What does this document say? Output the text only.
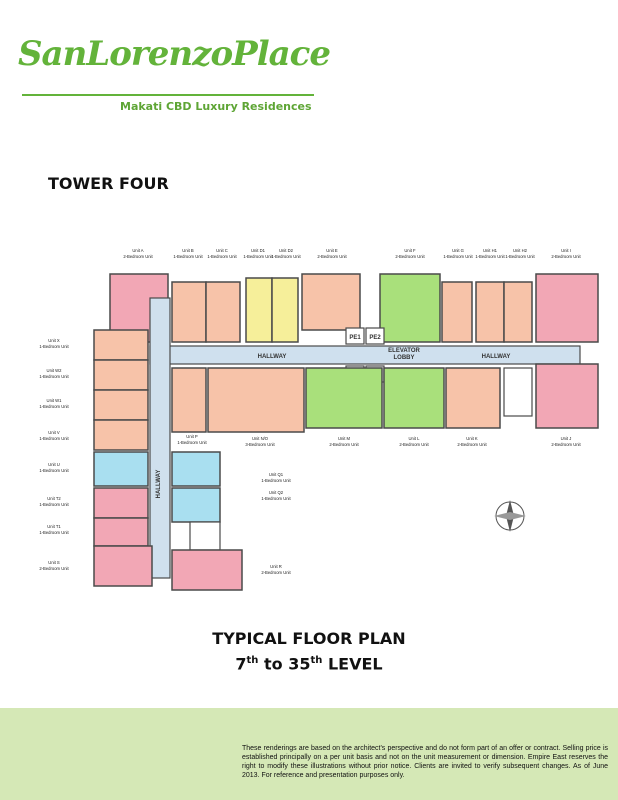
SanLorenzoPlace
Makati CBD Luxury Residences
TOWER FOUR
PE1 PE2
HALLWAY	HALLWAY
HALLWAY
ELEVATOR
LOBBY
Unit A
2-Bedroom Unit
Unit B
1-Bedroom Unit
Unit C
1-Bedroom Unit
Unit D1
1-Bedroom Unit
Unit D2
1-Bedroom Unit
Unit E
2-Bedroom Unit
Unit F
2-Bedroom Unit
Unit G
1-Bedroom Unit
Unit H1
1-Bedroom Unit
Unit H2
1-Bedroom Unit
Unit I
2-Bedroom Unit
Unit X
1-Bedroom Unit
Unit W2
1-Bedroom Unit
Unit W1
1-Bedroom Unit
Unit V
1-Bedroom Unit
Unit U
1-Bedroom Unit
Unit T2
1-Bedroom Unit
Unit T1
1-Bedroom Unit
Unit S
2-Bedroom Unit
Unit P
1-Bedroom Unit
Unit N/O
3-Bedroom Unit
Unit M
2-Bedroom Unit
Unit L
2-Bedroom Unit
Unit K
2-Bedroom Unit
Unit J
2-Bedroom Unit
Unit Q1
1-Bedroom Unit
Unit Q2
1-Bedroom Unit
Unit R
2-Bedroom Unit
TYPICAL FLOOR PLAN
7th to 35th LEVEL
These renderings are based on the architect's perspective and do not form part of an offer or contract. Selling price is established principally on a per unit basis and not on the unit measurement or dimension. Empire East reserves the right to modify these illustrations without prior notice. Clients are invited to verify subsequent changes. As of June 2013. For reference and presentation purposes only.
